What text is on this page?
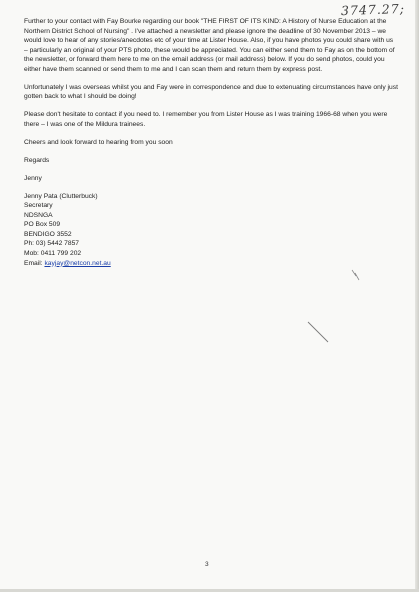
3747.27;

Further to your contact with Fay Bourke regarding our book "THE FIRST OF ITS KIND: A History of Nurse Education at the Northern District School of Nursing" . I've attached a newsletter and please ignore the deadline of 30 November 2013 – we would love to hear of any stories/anecdotes etc of your time at Lister House. Also, if you have photos you could share with us – particularly an original of your PTS photo, these would be appreciated. You can either send them to Fay as on the bottom of the newsletter, or forward them here to me on the email address (or mail address) below. If you do send photos, could you either have them scanned or send them to me and I can scan them and return them by express post.

Unfortunately I was overseas whilst you and Fay were in correspondence and due to extenuating circumstances have only just gotten back to what I should be doing!

Please don't hesitate to contact if you need to. I remember you from Lister House as I was training 1966-68 when you were there – I was one of the Mildura trainees.

Cheers and look forward to hearing from you soon

Regards

Jenny

Jenny Pata (Clutterbuck)
Secretary
NDSNGA
PO Box 509
BENDIGO 3552
Ph: 03) 5442 7857
Mob: 0411 799 202
Email: kayjay@netcon.net.au
3
